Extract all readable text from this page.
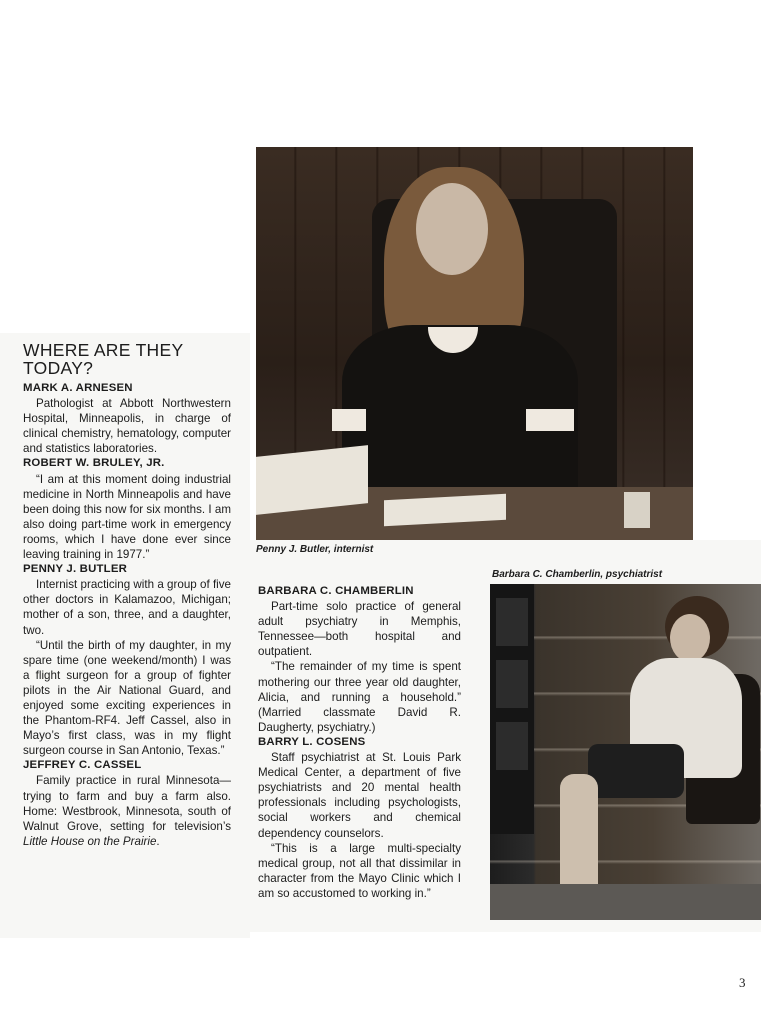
Penny J. Butler, internist
Barbara C. Chamberlin, psychiatrist
WHERE ARE THEY
TODAY?
MARK A. ARNESEN

Pathologist at Abbott Northwestern Hospital, Minneapolis, in charge of clinical chemistry, hematology, computer and statistics laboratories.

ROBERT W. BRULEY, JR.

“I am at this moment doing industrial medicine in North Minneapolis and have been doing this now for six months. I am also doing part-time work in emergency rooms, which I have done ever since leaving training in 1977.”

PENNY J. BUTLER

Internist practicing with a group of five other doctors in Kalamazoo, Michigan; mother of a son, three, and a daughter, two.

“Until the birth of my daughter, in my spare time (one weekend/month) I was a flight surgeon for a group of fighter pilots in the Air National Guard, and enjoyed some exciting experiences in the Phantom-RF4. Jeff Cassel, also in Mayo’s first class, was in my flight surgeon course in San Antonio, Texas.”

JEFFREY C. CASSEL

Family practice in rural Minnesota—trying to farm and buy a farm also. Home: Westbrook, Minnesota, south of Walnut Grove, setting for television’s Little House on the Prairie.

BARBARA C. CHAMBERLIN

Part-time solo practice of general adult psychiatry in Memphis, Tennessee—both hospital and outpatient.

“The remainder of my time is spent mothering our three year old daughter, Alicia, and running a household.” (Married classmate David R. Daugherty, psychiatry.)

BARRY L. COSENS

Staff psychiatrist at St. Louis Park Medical Center, a department of five psychiatrists and 20 mental health professionals including psychologists, social workers and chemical dependency counselors.

“This is a large multi-specialty medical group, not all that dissimilar in character from the Mayo Clinic which I am so accustomed to working in.”

3
